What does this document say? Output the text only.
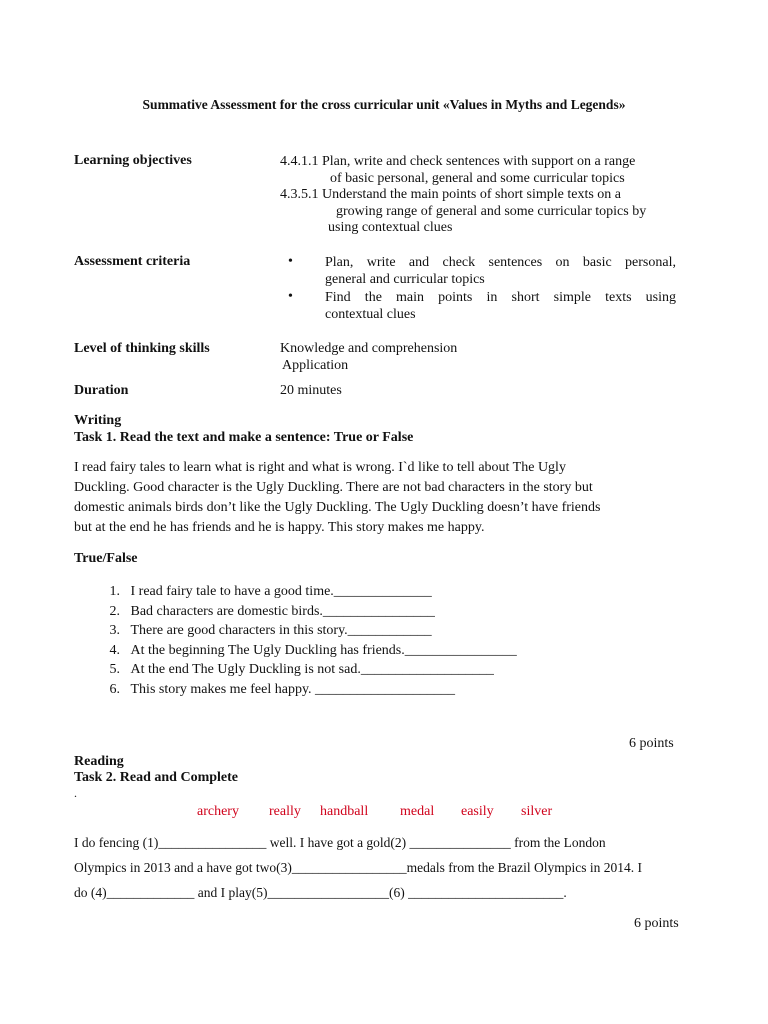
Summative Assessment for the cross curricular unit «Values in Myths and Legends»
Learning objectives	4.4.1.1 Plan, write and check sentences with support on a range
of basic personal, general and some curricular topics
4.3.5.1 Understand the main points of short simple texts on a
growing range of general and some curricular topics by
using contextual clues
Assessment criteria	• Plan, write and check sentences on basic personal,
general and curricular topics
• Find the main points in short simple texts using
contextual clues
Level of thinking skills	Knowledge and comprehension
Application
Duration	20 minutes
Writing
Task 1. Read the text and make a sentence: True or False
I read fairy tales to learn what is right and what is wrong. I`d like to tell about The Ugly
Duckling. Good character is the Ugly Duckling. There are not bad characters in the story but
domestic animals birds don’t like the Ugly Duckling. The Ugly Duckling doesn’t have friends
but at the end he has friends and he is happy. This story makes me happy.
True/False
1. I read fairy tale to have a good time.______________
2. Bad characters are domestic birds.________________
3. There are good characters in this story.____________
4. At the beginning The Ugly Duckling has friends.________________
5. At the end The Ugly Duckling is not sad.___________________
6. This story makes me feel happy. ____________________
6 points
Reading
Task 2. Read and Complete
.
archery really handball medal easily silver
I do fencing (1)________________ well. I have got a gold(2) _______________ from the London
Olympics in 2013 and a have got two(3)_________________medals from the Brazil Olympics in 2014. I
do (4)_____________ and I play(5)__________________(6) _______________________.
6 points
